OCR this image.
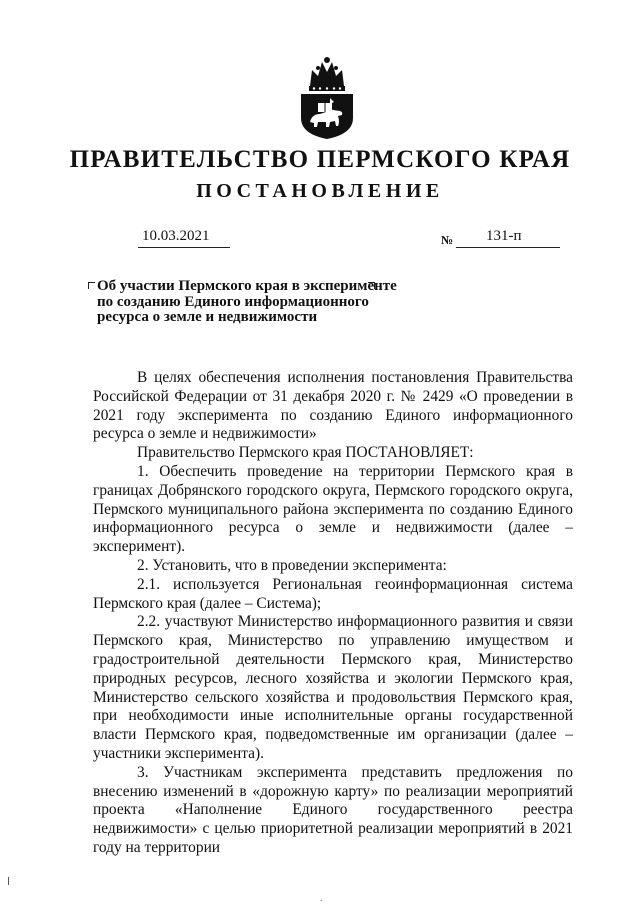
ПРАВИТЕЛЬСТВО ПЕРМСКОГО КРАЯ
ПОСТАНОВЛЕНИЕ
10.03.2021	№	131-п
Об участии Пермского края в эксперименте
по созданию Единого информационного
ресурса о земле и недвижимости

В целях обеспечения исполнения постановления Правительства Российской Федерации от 31 декабря 2020 г. № 2429 «О проведении в 2021 году эксперимента по созданию Единого информационного ресурса о земле и недвижимости»

Правительство Пермского края ПОСТАНОВЛЯЕТ:

1. Обеспечить проведение на территории Пермского края в границах Добрянского городского округа, Пермского городского округа, Пермского муниципального района эксперимента по созданию Единого информационного ресурса о земле и недвижимости (далее – эксперимент).

2. Установить, что в проведении эксперимента:

2.1. используется Региональная геоинформационная система Пермского края (далее – Система);

2.2. участвуют Министерство информационного развития и связи Пермского края, Министерство по управлению имуществом и градостроительной деятельности Пермского края, Министерство природных ресурсов, лесного хозяйства и экологии Пермского края, Министерство сельского хозяйства и продовольствия Пермского края, при необходимости иные исполнительные органы государственной власти Пермского края, подведомственные им организации (далее – участники эксперимента).

3. Участникам эксперимента представить предложения по внесению изменений в «дорожную карту» по реализации мероприятий проекта «Наполнение Единого государственного реестра недвижимости» с целью приоритетной реализации мероприятий в 2021 году на территории

.
